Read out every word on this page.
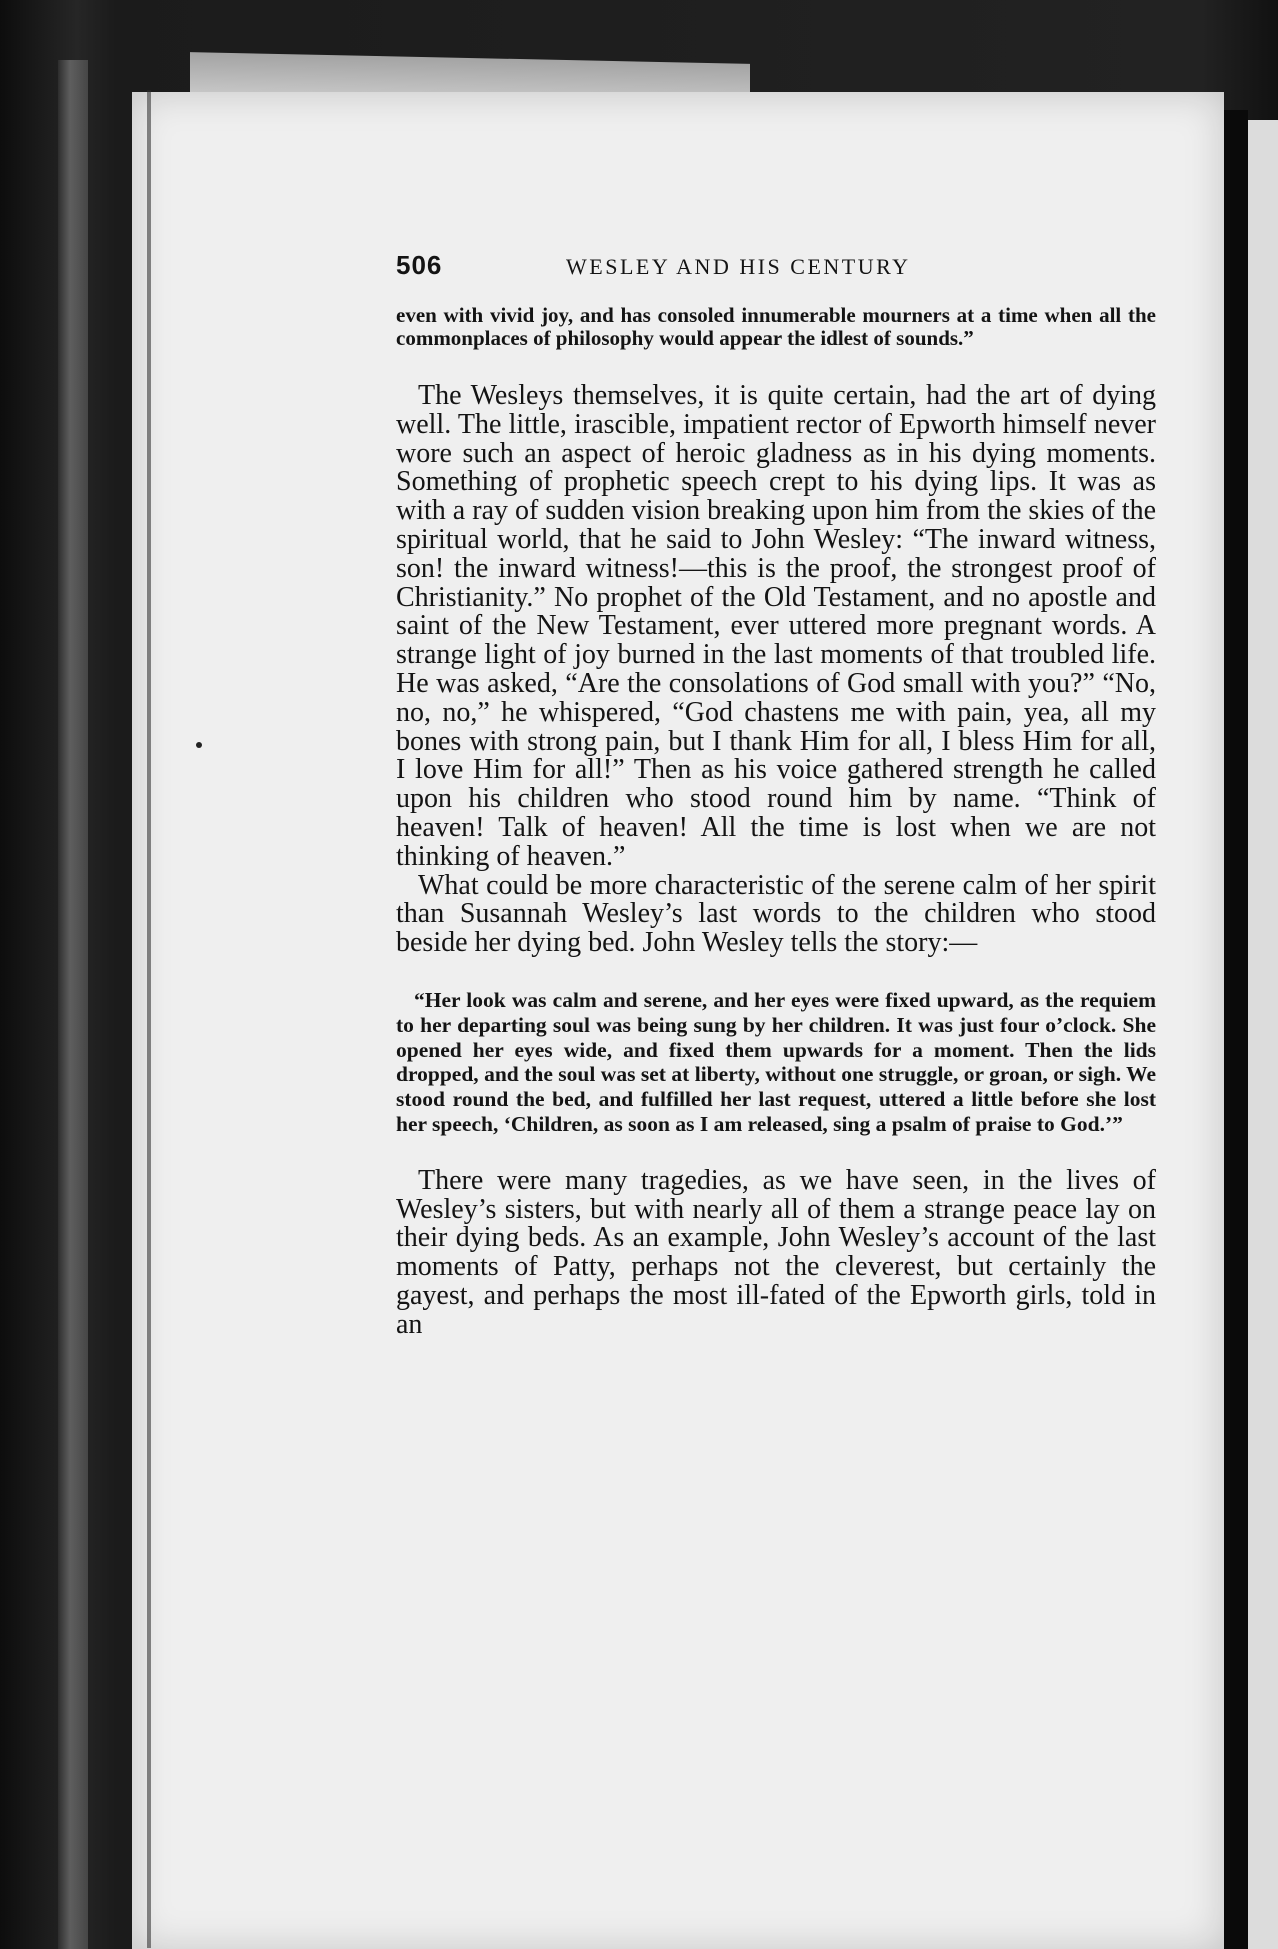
506	WESLEY AND HIS CENTURY
even with vivid joy, and has consoled innumerable mourners at a time when all the commonplaces of philosophy would appear the idlest of sounds.”

The Wesleys themselves, it is quite certain, had the art of dying well. The little, irascible, impatient rector of Epworth himself never wore such an aspect of heroic gladness as in his dying moments. Something of prophetic speech crept to his dying lips. It was as with a ray of sudden vision breaking upon him from the skies of the spiritual world, that he said to John Wesley: “The inward witness, son! the inward witness!—this is the proof, the strongest proof of Christianity.” No prophet of the Old Testament, and no apostle and saint of the New Testament, ever uttered more pregnant words. A strange light of joy burned in the last moments of that troubled life. He was asked, “Are the consolations of God small with you?” “No, no, no,” he whispered, “God chastens me with pain, yea, all my bones with strong pain, but I thank Him for all, I bless Him for all, I love Him for all!” Then as his voice gathered strength he called upon his children who stood round him by name. “Think of heaven! Talk of heaven! All the time is lost when we are not thinking of heaven.”

What could be more characteristic of the serene calm of her spirit than Susannah Wesley’s last words to the children who stood beside her dying bed. John Wesley tells the story:—

“Her look was calm and serene, and her eyes were fixed upward, as the requiem to her departing soul was being sung by her children. It was just four o’clock. She opened her eyes wide, and fixed them upwards for a moment. Then the lids dropped, and the soul was set at liberty, without one struggle, or groan, or sigh. We stood round the bed, and fulfilled her last request, uttered a little before she lost her speech, ‘Children, as soon as I am released, sing a psalm of praise to God.’”

There were many tragedies, as we have seen, in the lives of Wesley’s sisters, but with nearly all of them a strange peace lay on their dying beds. As an example, John Wesley’s account of the last moments of Patty, perhaps not the cleverest, but certainly the gayest, and perhaps the most ill-fated of the Epworth girls, told in an
